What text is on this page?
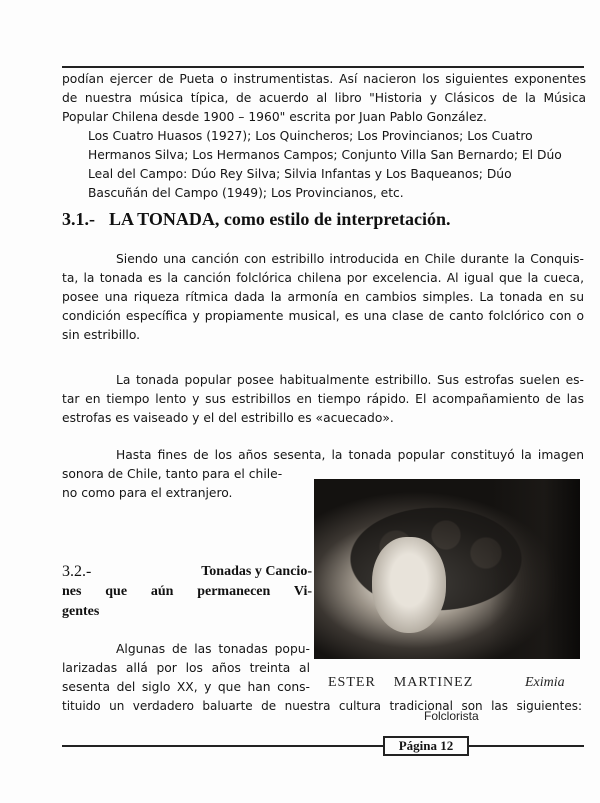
podían ejercer de Pueta o instrumentistas. Así nacieron los siguientes exponentes

de nuestra música típica, de acuerdo al libro "Historia y Clásicos de la Música

Popular Chilena desde 1900 – 1960" escrita por Juan Pablo González.

Los Cuatro Huasos (1927); Los Quincheros; Los Provincianos; Los Cuatro

Hermanos Silva; Los Hermanos Campos; Conjunto Villa San Bernardo; El Dúo

Leal del Campo: Dúo Rey Silva; Silvia Infantas y Los Baqueanos; Dúo

Bascuñán del Campo (1949); Los Provincianos, etc.

3.1.- LA TONADA, como estilo de interpretación.

Siendo una canción con estribillo introducida en Chile durante la Conquis-

ta, la tonada es la canción folclórica chilena por excelencia. Al igual que la cueca,

posee una riqueza rítmica dada la armonía en cambios simples. La tonada en su

condición específica y propiamente musical, es una clase de canto folclórico con o

sin estribillo.

La tonada popular posee habitualmente estribillo. Sus estrofas suelen es-

tar en tiempo lento y sus estribillos en tiempo rápido. El acompañamiento de las

estrofas es vaiseado y el del estribillo es «acuecado».

Hasta fines de los años sesenta, la tonada popular constituyó la imagen

sonora de Chile, tanto para el chile-

no como para el extranjero.

3.2.-	Tonadas y Cancio-
nes que aún permanecen Vi-
gentes

Algunas de las tonadas popu-

larizadas allá por los años treinta al

sesenta del siglo XX, y que han cons- ESTER    MARTINEZ	Eximia

tituido un verdadero baluarte de nuestra cultura tradicional son las siguientes:

Folclorista
Página 12
